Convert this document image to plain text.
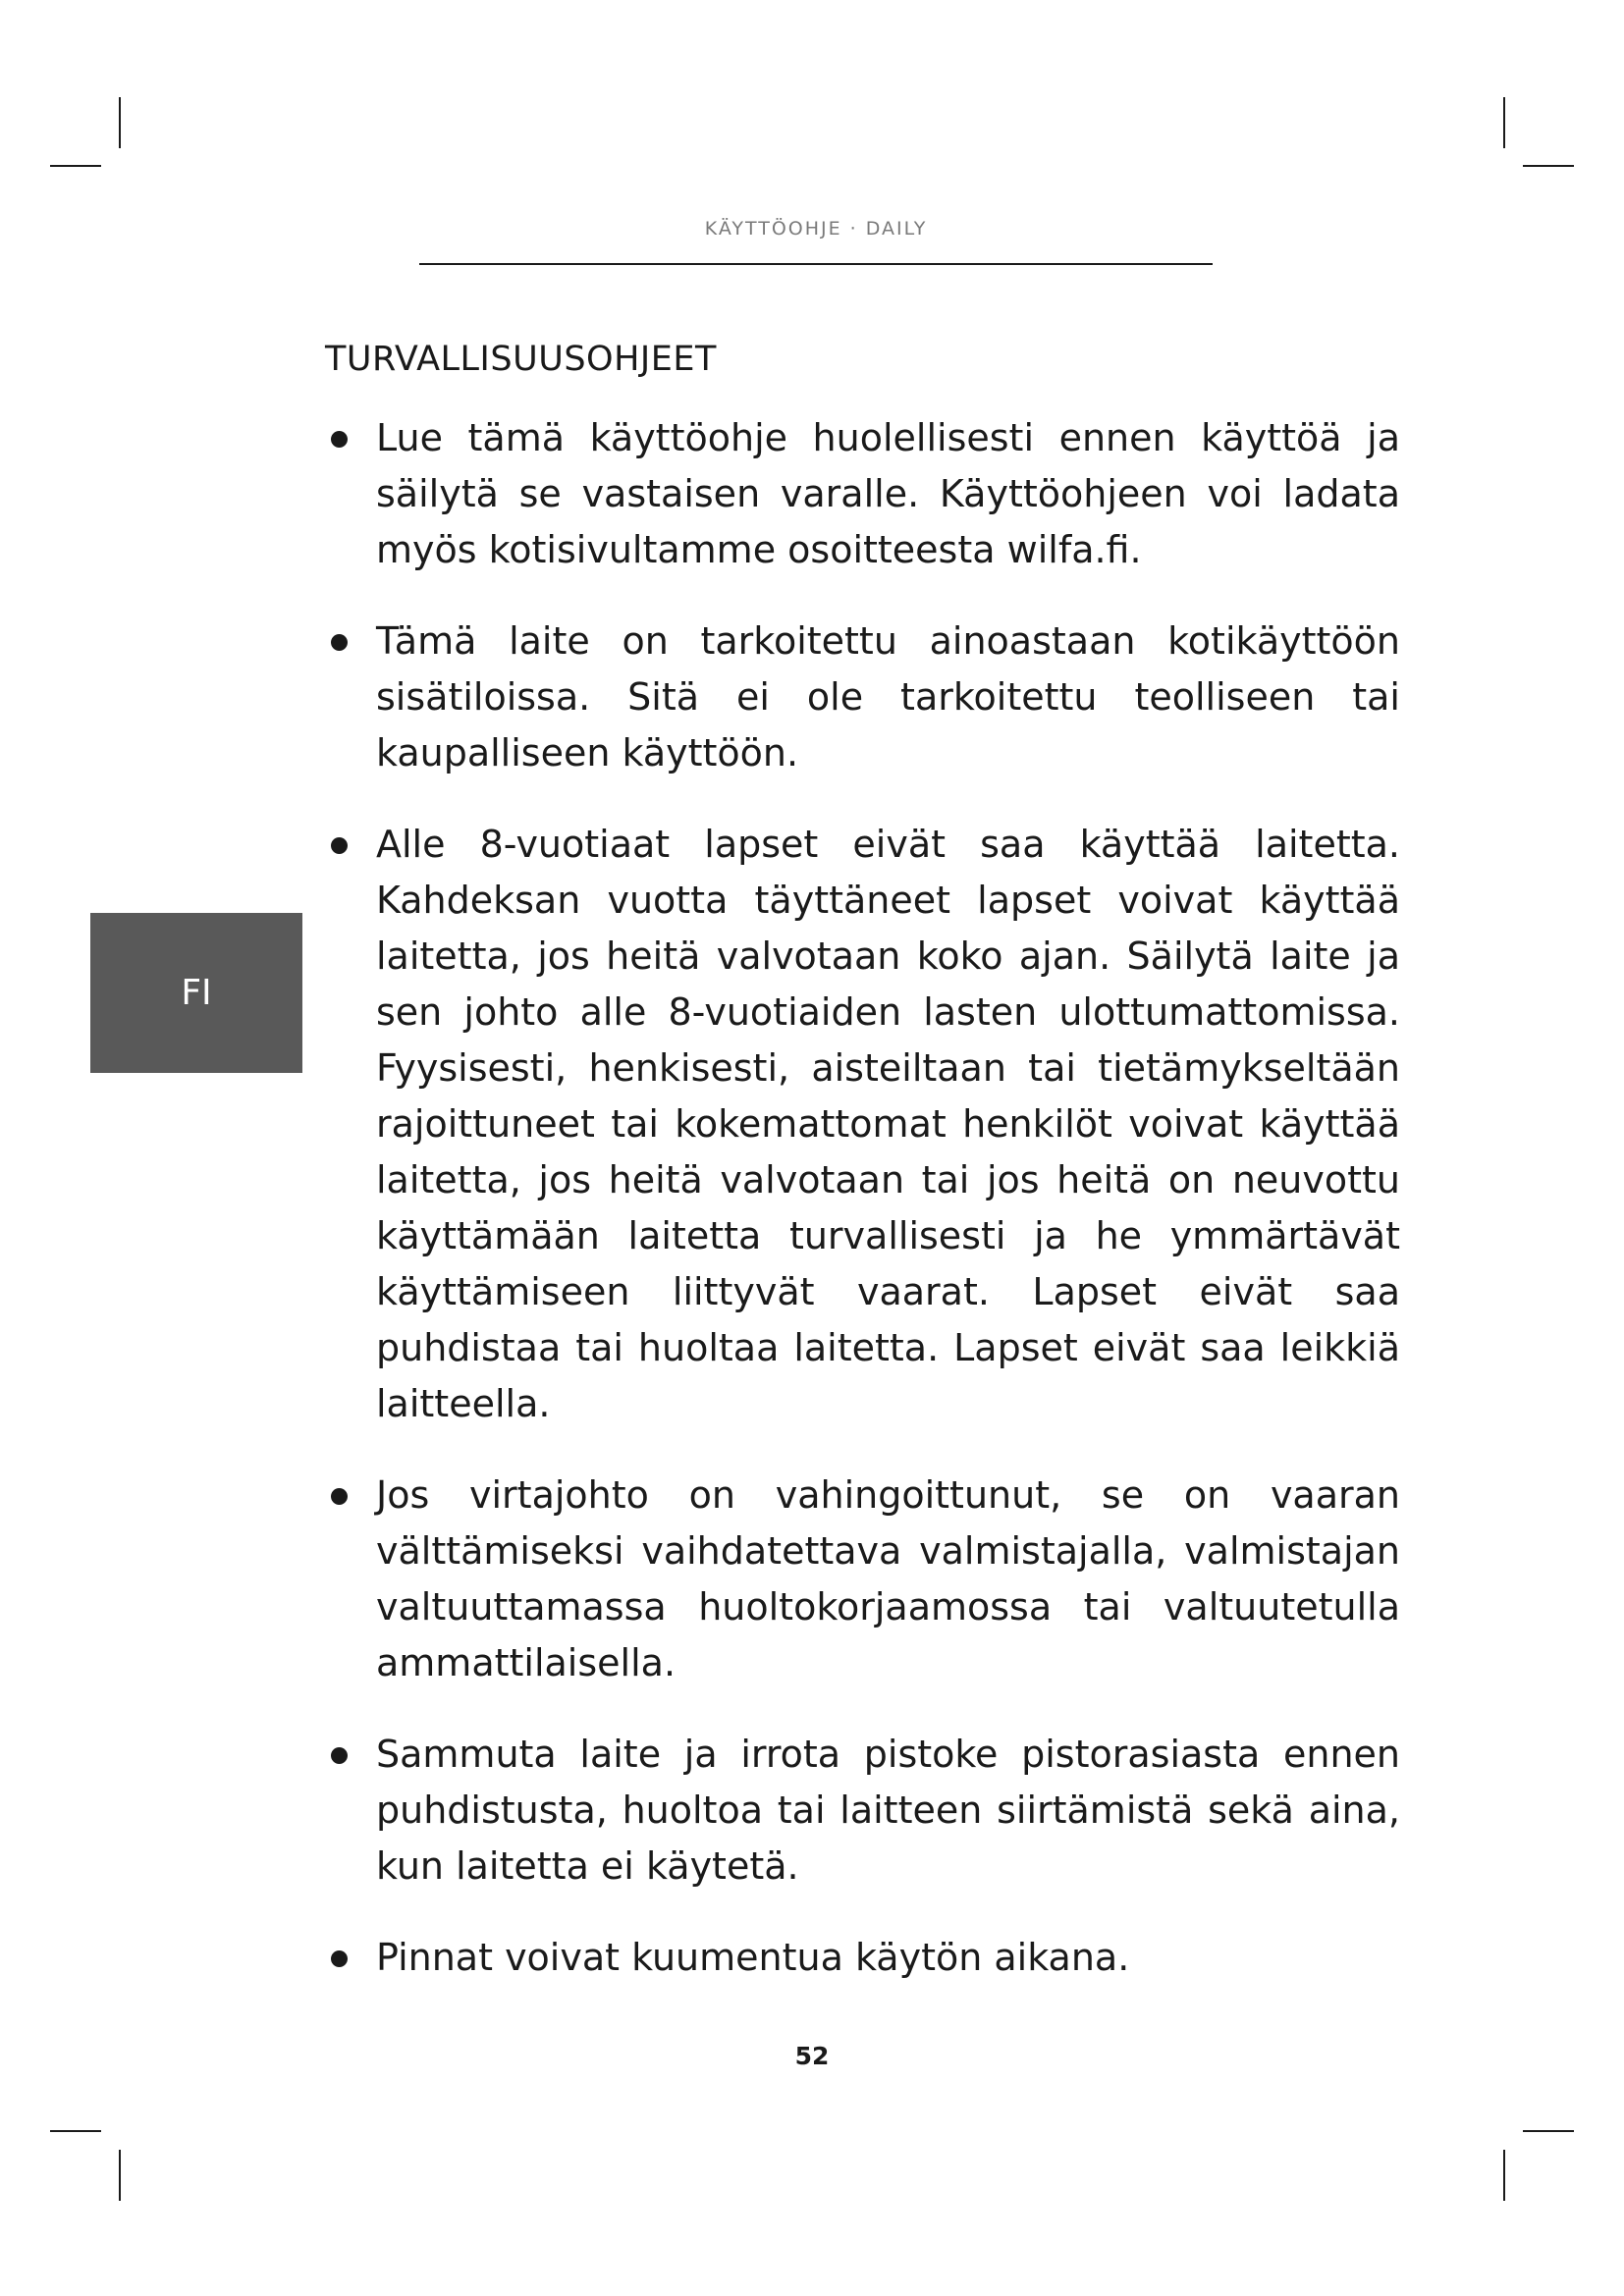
KÄYTTÖOHJE · DAILY
TURVALLISUUSOHJEET
FI
Lue tämä käyttöohje huolellisesti ennen käyttöä ja säilytä se vastaisen varalle. Käyttöohjeen voi ladata myös kotisivultamme osoitteesta wilfa.fi.
Tämä laite on tarkoitettu ainoastaan kotikäyttöön sisätiloissa. Sitä ei ole tarkoitettu teolliseen tai kaupalliseen käyttöön.
Alle 8-vuotiaat lapset eivät saa käyttää laitetta. Kahdeksan vuotta täyttäneet lapset voivat käyttää laitetta, jos heitä valvotaan koko ajan. Säilytä laite ja sen johto alle 8-vuotiaiden lasten ulottumattomissa. Fyysisesti, henkisesti, aisteiltaan tai tietämykseltään rajoittuneet tai kokemattomat henkilöt voivat käyttää laitetta, jos heitä valvotaan tai jos heitä on neuvottu käyttämään laitetta turvallisesti ja he ymmärtävät käyttämiseen liittyvät vaarat. Lapset eivät saa puhdistaa tai huoltaa laitetta. Lapset eivät saa leikkiä laitteella.
Jos virtajohto on vahingoittunut, se on vaaran välttämiseksi vaihdatettava valmistajalla, valmistajan valtuuttamassa huoltokorjaamossa tai valtuutetulla ammattilaisella.
Sammuta laite ja irrota pistoke pistorasiasta ennen puhdistusta, huoltoa tai laitteen siirtämistä sekä aina, kun laitetta ei käytetä.
Pinnat voivat kuumentua käytön aikana.
52
